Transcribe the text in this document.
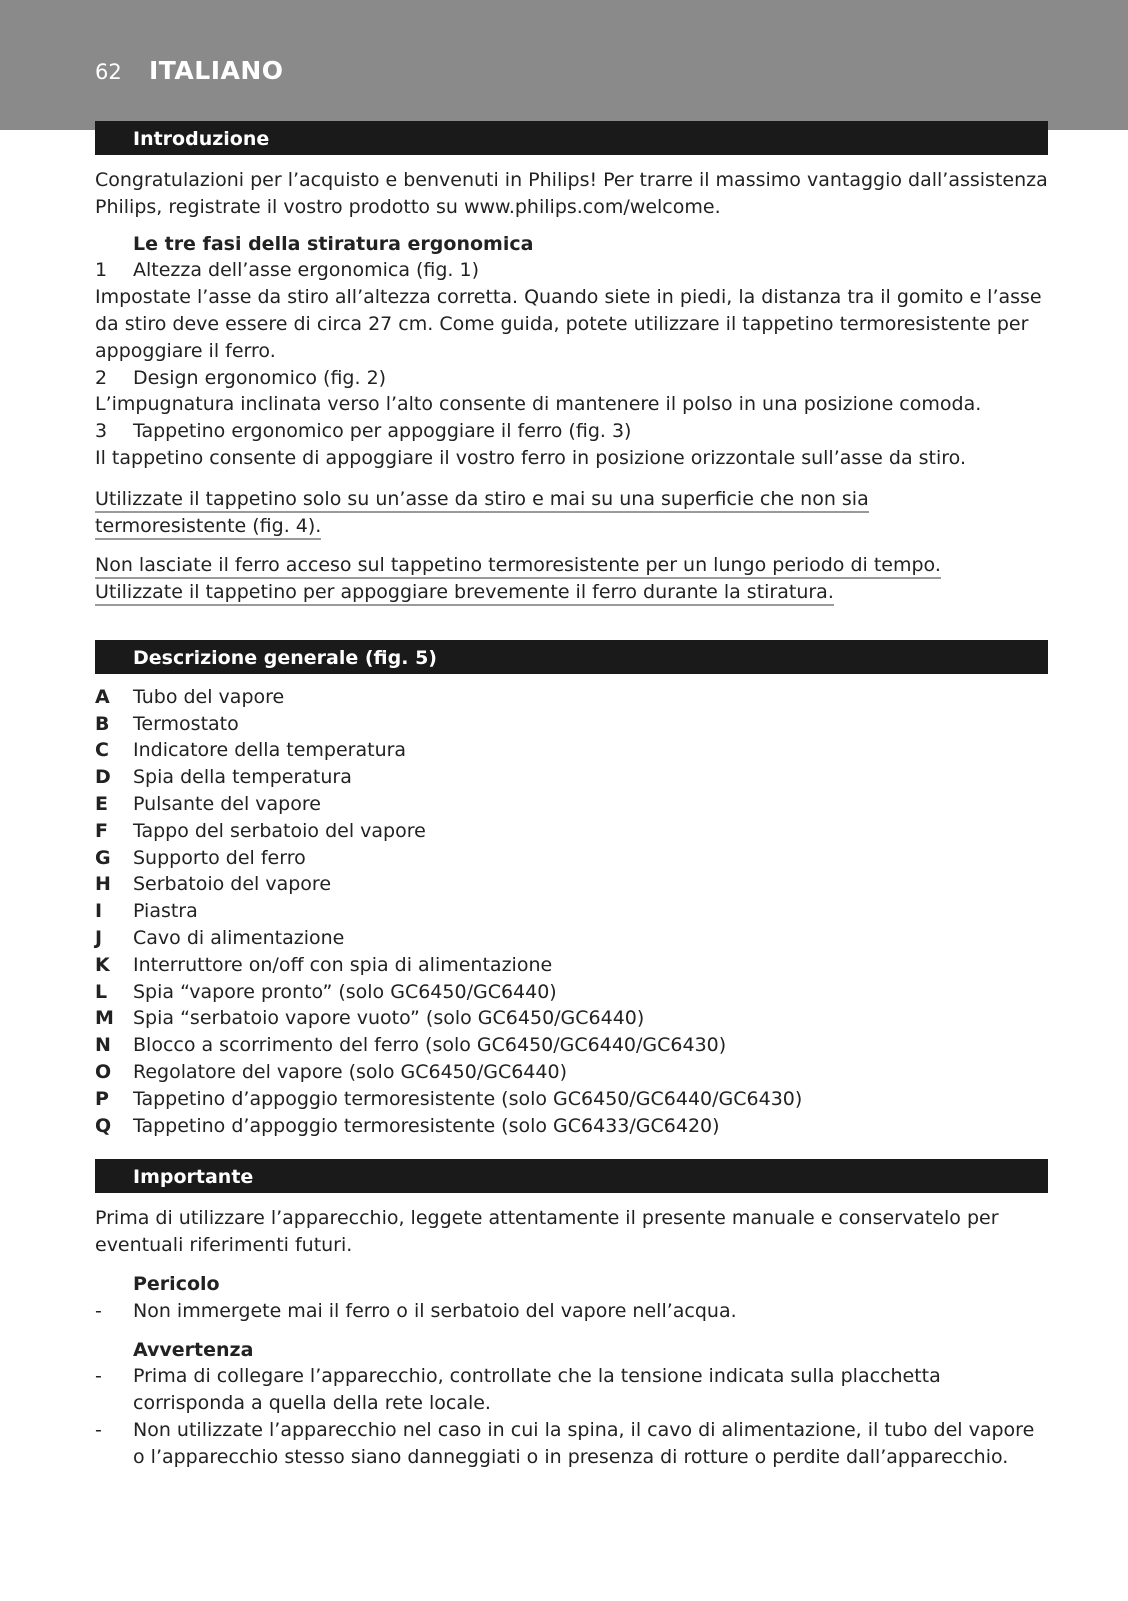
62 ITALIANO
Introduzione

Congratulazioni per l’acquisto e benvenuti in Philips! Per trarre il massimo vantaggio dall’assistenza Philips, registrate il vostro prodotto su www.philips.com/welcome.

Le tre fasi della stiratura ergonomica

1	Altezza dell’asse ergonomica (fig. 1)

Impostate l’asse da stiro all’altezza corretta. Quando siete in piedi, la distanza tra il gomito e l’asse da stiro deve essere di circa 27 cm. Come guida, potete utilizzare il tappetino termoresistente per appoggiare il ferro.

2	Design ergonomico (fig. 2)

L’impugnatura inclinata verso l’alto consente di mantenere il polso in una posizione comoda.

3	Tappetino ergonomico per appoggiare il ferro (fig. 3)

Il tappetino consente di appoggiare il vostro ferro in posizione orizzontale sull’asse da stiro.

Utilizzate il tappetino solo su un’asse da stiro e mai su una superficie che non sia
termoresistente (fig. 4).
Non lasciate il ferro acceso sul tappetino termoresistente per un lungo periodo di tempo.
Utilizzate il tappetino per appoggiare brevemente il ferro durante la stiratura.
Descrizione generale (fig. 5)
A	Tubo del vapore
B	Termostato
C	Indicatore della temperatura
D	Spia della temperatura
E	Pulsante del vapore
F	Tappo del serbatoio del vapore
G	Supporto del ferro
H	Serbatoio del vapore
I	Piastra
J	Cavo di alimentazione
K	Interruttore on/off con spia di alimentazione
L	Spia “vapore pronto” (solo GC6450/GC6440)
M	Spia “serbatoio vapore vuoto” (solo GC6450/GC6440)
N	Blocco a scorrimento del ferro (solo GC6450/GC6440/GC6430)
O	Regolatore del vapore (solo GC6450/GC6440)
P	Tappetino d’appoggio termoresistente (solo GC6450/GC6440/GC6430)
Q	Tappetino d’appoggio termoresistente (solo GC6433/GC6420)
Importante

Prima di utilizzare l’apparecchio, leggete attentamente il presente manuale e conservatelo per eventuali riferimenti futuri.

Pericolo

-	Non immergete mai il ferro o il serbatoio del vapore nell’acqua.

Avvertenza

-	Prima di collegare l’apparecchio, controllate che la tensione indicata sulla placchetta corrisponda a quella della rete locale.
-	Non utilizzate l’apparecchio nel caso in cui la spina, il cavo di alimentazione, il tubo del vapore o l’apparecchio stesso siano danneggiati o in presenza di rotture o perdite dall’apparecchio.
